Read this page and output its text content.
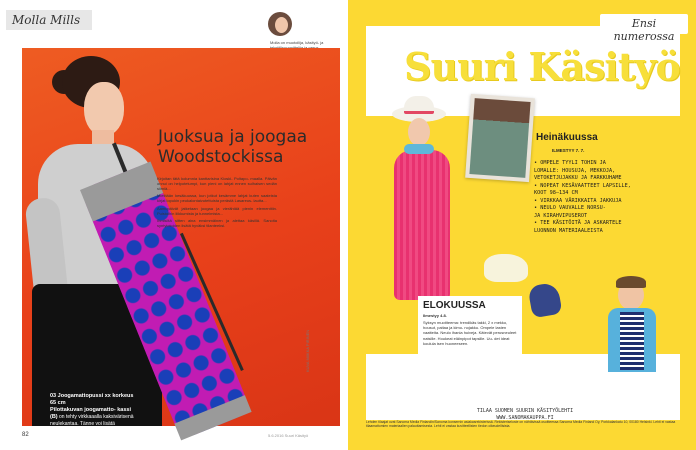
Molla Mills
Molla on muotoilija, käsityö- ja
03 Joogamattopussi xx korkeus 65 cm
Pilottakuvan joogamatto- kassi (B) on tehty virkkaaalla kaksivärisenä neulekantaa. Tänne voi lisätä toiminnan, soittaa kaikki vielä jäsenenä.
Lankaa: Suomen Lanka, Juhlatieto
Juoksua ja joogaa
Woodstockissa

Kirjoitan tätä kolumnia kanttarisina Kioski- Poltapo- maalla. Päivän onnui on helpotetumpi, kun pieni on lahjat ennen sulhaisen sedän silmiä...

Mietitään kesäkuussa, kun jotkut kesämme lahjat kuten saateista kirjat lopukin peukalontaivutettuista perästä Lasareus- lautta...

Aamupäivät jatketaan joogaa ja vierähtää pienin elementtiin. Puistoihin liikkumista ja tunnelmista...

Ihmisiltä sitten aina ensimmäinen ja alettaa käsillä. Sanoita syntyiotoiden lisätä hyväksi tilanteeksi.

KUVA MIIKKA PIRINEN
82	5.6.2016 Suuri Käsityö
Suuri Käsityö
Heinäkuussa
ILMESTYY 7. 7.
• OMPELE TYYLI TOHIN JA
LOMALLE: HOUSUJA, MEKKOJA,
VETOKETJUJAKKU JA FARKKUHAME
• NOPEAT KESÄVAATTEET LAPSILLE,
KOOT 98–134 CM
• VIRKKAA VÄRIKKAITA JAKKUJA
• NEULO VAUVALLE NORSU-
JA KIRAHVIPUSEROT
• TEE KÄSITÖITÄ JA ASKARTELE
LUONNON MATERIAALEISTA
ELOKUUSSA
Ilmestyy 4.8.
Syksyn muotiteema: trendikäs takki, 2 x mekko, housut, paitaa ja kimo- nojakku. Ompele lasten vaatteita. Neulo ihania huiveja. Kätevät perusneuleet natsille. Houkeat eläinpipot tapsille. Uu- det ideat koulula isen huoneeseen.
TILAA SUOMEN SUURIN KÄSITYÖLEHTI
WWW.SANOMAKAUPPA.FI
Ensi numerossa
Lehden tilaajat ovat Sanoma Media Finlandin/Sanoma konsernin asiakasrekisterissä. Rekisteriseloste on nähtävissä osoitteessa Sanoma Media Finland Oy, Porkkalankatu 10, 00180 Helsinki. Lehti ei vastaa tilaamattomien materiaalien palauttamisesta. Lehti ei vastaa kuvitteellisten tiedon oikeudellisista.
